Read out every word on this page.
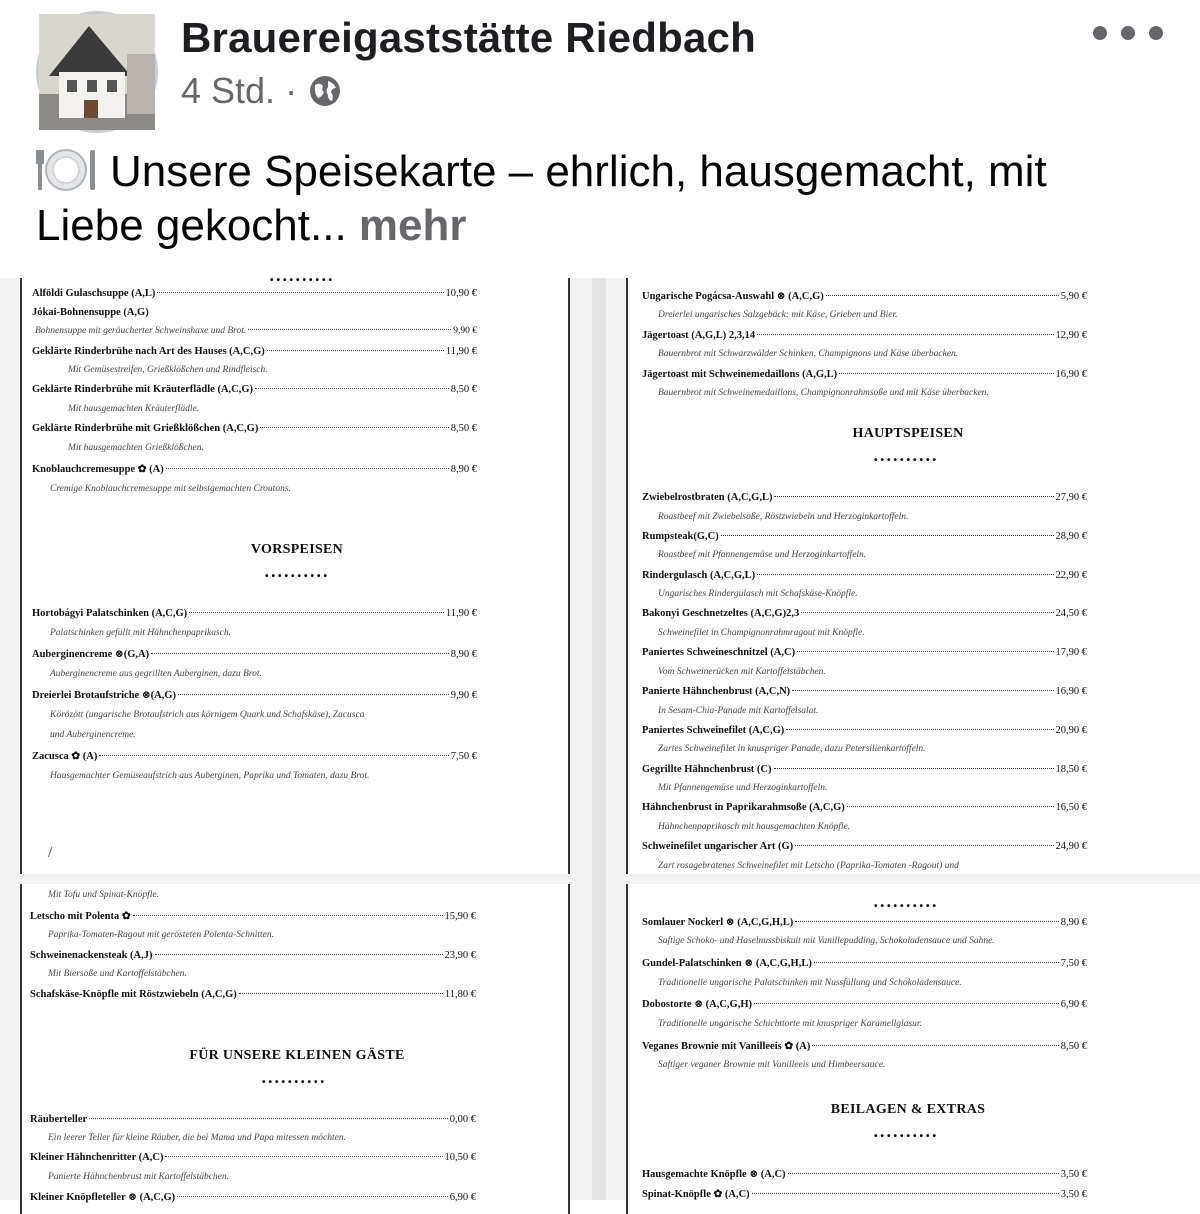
Brauereigaststätte Riedbach
4 Std. ·
Unsere Speisekarte – ehrlich, hausgemacht, mit Liebe gekocht... mehr
..........
Alföldi Gulaschsuppe (A,L)	10,90 €
Jókai-Bohnensuppe (A,G)
Bohnensuppe mit geräucherter Schweinshaxe und Brot.	9,90 €
Geklärte Rinderbrühe nach Art des Hauses (A,C,G)	11,90 €
Mit Gemüsestreifen, Grießklößchen und Rindfleisch.
Geklärte Rinderbrühe mit Kräuterflädle (A,C,G)	8,50 €
Mit hausgemachten Kräuterflädle.
Geklärte Rinderbrühe mit Grießklößchen (A,C,G)	8,50 €
Mit hausgemachten Grießklößchen.
Knoblauchcremesuppe ✿ (A)	8,90 €
Cremige Knoblauchcremesuppe mit selbstgemachten Croutons.
VORSPEISEN
..........
Hortobágyi Palatschinken (A,C,G)	11,90 €
Palatschinken gefüllt mit Hähnchenpaprikasch.
Auberginencreme ⊗(G,A)	8,90 €
Auberginencreme aus gegrillten Auberginen, dazu Brot.
Dreierlei Brotaufstriche ⊗(A,G)	9,90 €
Körözött (ungarische Brotaufstrich aus körnigem Quark und Schafskäse), Zacusca
und Auberginencreme.
Zacusca ✿ (A)	7,50 €
Hausgemachter Gemüseaufstrich aus Auberginen, Paprika und Tomaten, dazu Brot.
/
Ungarische Pogácsa-Auswahl ⊗ (A,C,G)	5,90 €
Dreierlei ungarisches Salzgebäck: mit Käse, Grieben und Bier.
Jägertoast (A,G,L) 2,3,14	12,90 €
Bauernbrot mit Schwarzwälder Schinken, Champignons und Käse überbacken.
Jägertoast mit Schweinemedaillons (A,G,L)	16,90 €
Bauernbrot mit Schweinemedaillons, Champignonrahmsoße und mit Käse überbacken.
HAUPTSPEISEN
..........
Zwiebelrostbraten (A,C,G,L)	27,90 €
Roastbeef mit Zwiebelsoße, Röstzwiebeln und Herzoginkartoffeln.
Rumpsteak(G,C)	28,90 €
Roastbeef mit Pfannengemüse und Herzoginkartoffeln.
Rindergulasch (A,C,G,L)	22,90 €
Ungarisches Rindergulasch mit Schafskäse-Knöpfle.
Bakonyi Geschnetzeltes (A,C,G)2,3	24,50 €
Schweinefilet in Champignonrahmragout mit Knöpfle.
Paniertes Schweineschnitzel (A,C)	17,90 €
Vom Schweinerücken mit Kartoffelstäbchen.
Panierte Hähnchenbrust (A,C,N)	16,90 €
In Sesam-Chia-Panade mit Kartoffelsalat.
Paniertes Schweinefilet (A,C,G)	20,90 €
Zartes Schweinefilet in knuspriger Panade, dazu Petersilienkartoffeln.
Gegrillte Hähnchenbrust (C)	18,50 €
Mit Pfannengemüse und Herzoginkartoffeln.
Hähnchenbrust in Paprikarahmsoße (A,C,G)	16,50 €
Hähnchenpaprikasch mit hausgemachten Knöpfle.
Schweinefilet ungarischer Art (G)	24,90 €
Zart rosagebratenes Schweinefilet mit Letscho (Paprika-Tomaten -Ragout) und
Mit Tofu und Spinat-Knöpfle.
Letscho mit Polenta ✿	15,90 €
Paprika-Tomaten-Ragout mit gerösteten Polenta-Schnitten.
Schweinenackensteak (A,J)	23,90 €
Mit Biersoße und Kartoffelstäbchen.
Schafskäse-Knöpfle mit Röstzwiebeln (A,C,G)	11,80 €
FÜR UNSERE KLEINEN GÄSTE
..........
Räuberteller	0,00 €
Ein leerer Teller für kleine Räuber, die bei Mama und Papa mitessen möchten.
Kleiner Hähnchenritter (A,C)	10,50 €
Panierte Hähnchenbrust mit Kartoffelstäbchen.
Kleiner Knöpfleteller ⊗ (A,C,G)	6,90 €
..........
Somlauer Nockerl ⊗ (A,C,G,H,L)	8,90 €
Saftige Schoko- und Haselnussbiskuit mit Vanillepudding, Schokoladensauce und Sahne.
Gundel-Palatschinken ⊗ (A,C,G,H,L)	7,50 €
Traditionelle ungarische Palatschinken mit Nussfüllung und Schokoladensauce.
Dobostorte ⊗ (A,C,G,H)	6,90 €
Traditionelle ungarische Schichttorte mit knuspriger Karamellglasur.
Veganes Brownie mit Vanilleeis ✿ (A)	8,50 €
Saftiger veganer Brownie mit Vanilleeis und Himbeersauce.
BEILAGEN & EXTRAS
..........
Hausgemachte Knöpfle ⊗ (A,C)	3,50 €
Spinat-Knöpfle ✿ (A,C)	3,50 €
